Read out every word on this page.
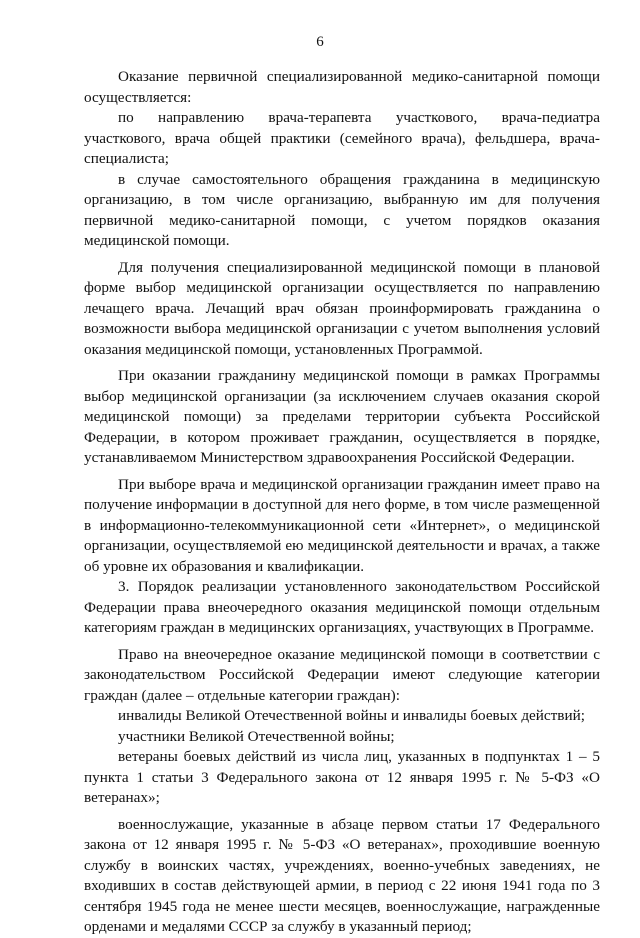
6

Оказание первичной специализированной медико-санитарной помощи осуществляется:

по направлению врача-терапевта участкового, врача-педиатра участкового, врача общей практики (семейного врача), фельдшера, врача-специалиста;

в случае самостоятельного обращения гражданина в медицинскую организацию, в том числе организацию, выбранную им для получения первичной медико-санитарной помощи, с учетом порядков оказания медицинской помощи.

Для получения специализированной медицинской помощи в плановой форме выбор медицинской организации осуществляется по направлению лечащего врача. Лечащий врач обязан проинформировать гражданина о возможности выбора медицинской организации с учетом выполнения условий оказания медицинской помощи, установленных Программой.

При оказании гражданину медицинской помощи в рамках Программы выбор медицинской организации (за исключением случаев оказания скорой медицинской помощи) за пределами территории субъекта Российской Федерации, в котором проживает гражданин, осуществляется в порядке, устанавливаемом Министерством здравоохранения Российской Федерации.

При выборе врача и медицинской организации гражданин имеет право на получение информации в доступной для него форме, в том числе размещенной в информационно-телекоммуникационной сети «Интернет», о медицинской организации, осуществляемой ею медицинской деятельности и врачах, а также об уровне их образования и квалификации.

3. Порядок реализации установленного законодательством Российской Федерации права внеочередного оказания медицинской помощи отдельным категориям граждан в медицинских организациях, участвующих в Программе.

Право на внеочередное оказание медицинской помощи в соответствии с законодательством Российской Федерации имеют следующие категории граждан (далее – отдельные категории граждан):

инвалиды Великой Отечественной войны и инвалиды боевых действий;

участники Великой Отечественной войны;

ветераны боевых действий из числа лиц, указанных в подпунктах 1 – 5 пункта 1 статьи 3 Федерального закона от 12 января 1995 г. № 5-ФЗ «О ветеранах»;

военнослужащие, указанные в абзаце первом статьи 17 Федерального закона от 12 января 1995 г. № 5-ФЗ «О ветеранах», проходившие военную службу в воинских частях, учреждениях, военно-учебных заведениях, не входивших в состав действующей армии, в период с 22 июня 1941 года по 3 сентября 1945 года не менее шести месяцев, военнослужащие, награжденные орденами и медалями СССР за службу в указанный период;
